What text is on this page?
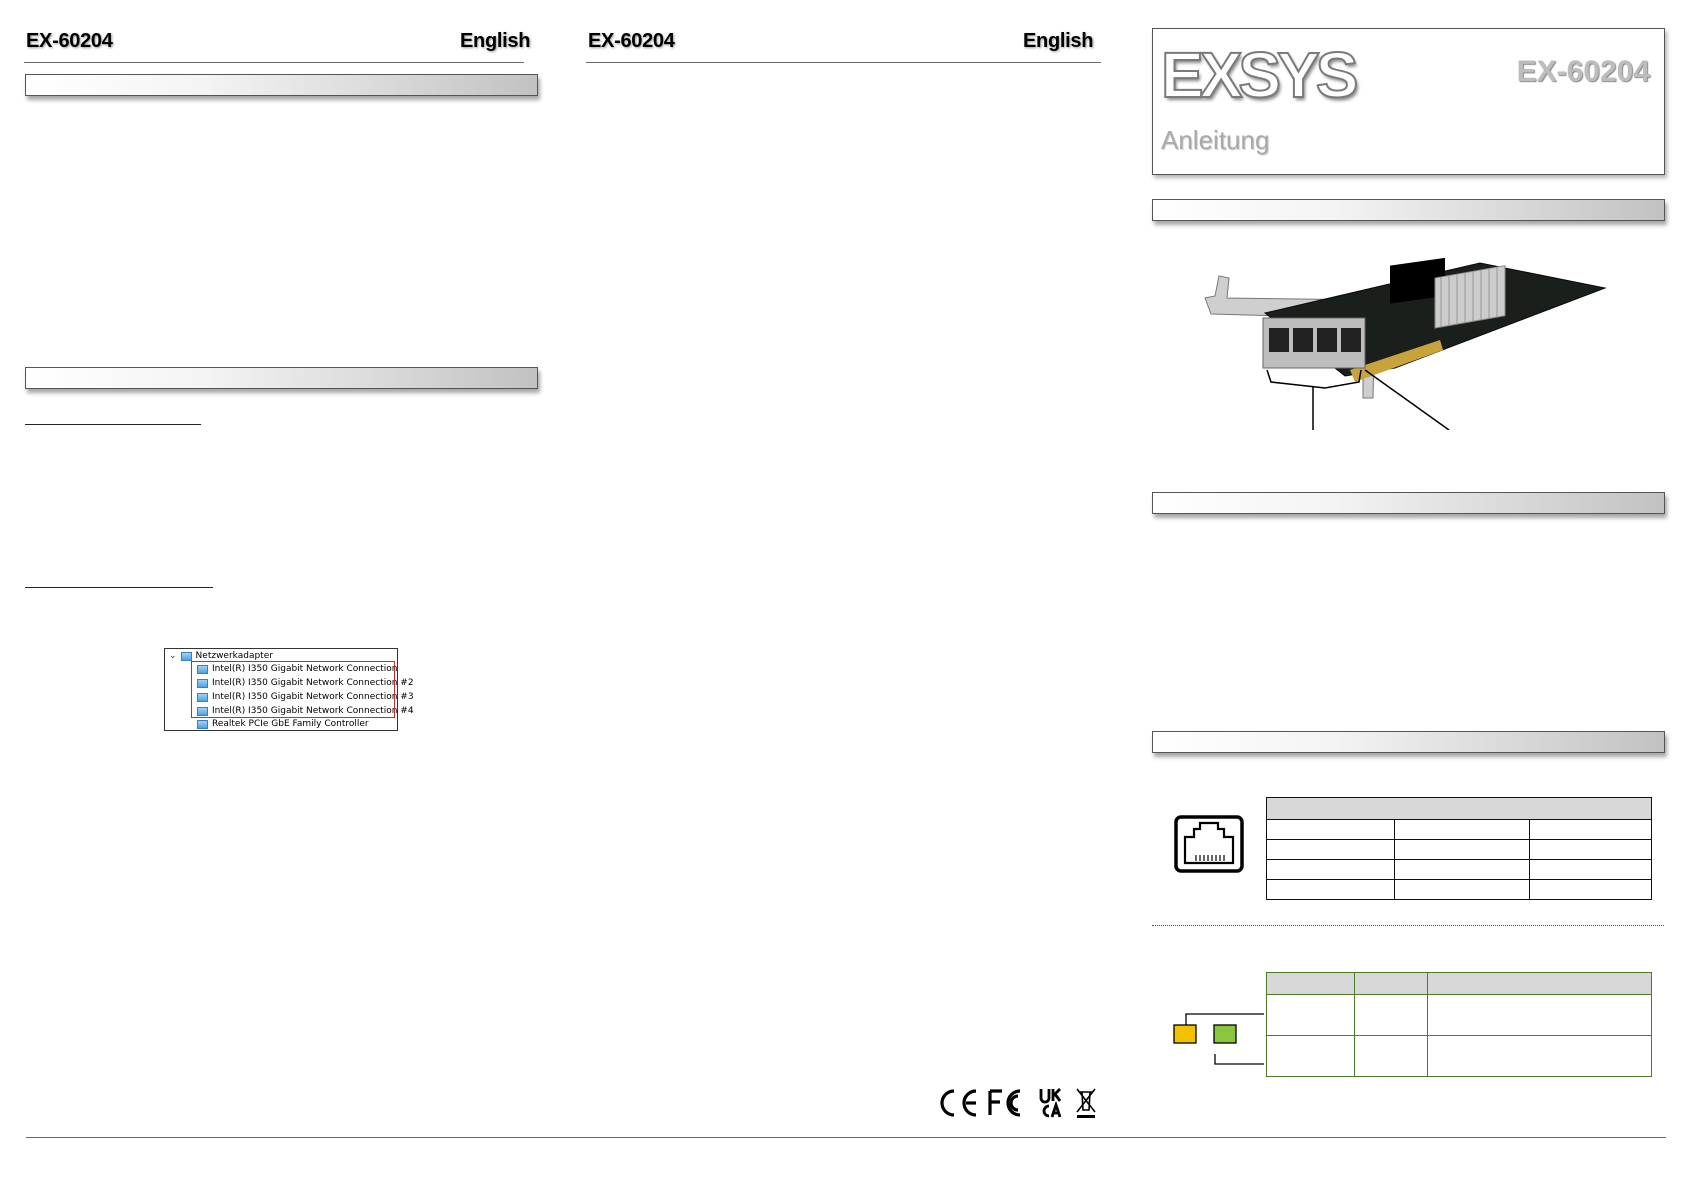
EX-60204	English
⌄ Netzwerkadapter
Intel(R) I350 Gigabit Network Connection
Intel(R) I350 Gigabit Network Connection #2
Intel(R) I350 Gigabit Network Connection #3
Intel(R) I350 Gigabit Network Connection #4
Realtek PCIe GbE Family Controller
EX-60204	English EXSYS	EX-60204
Anleitung
